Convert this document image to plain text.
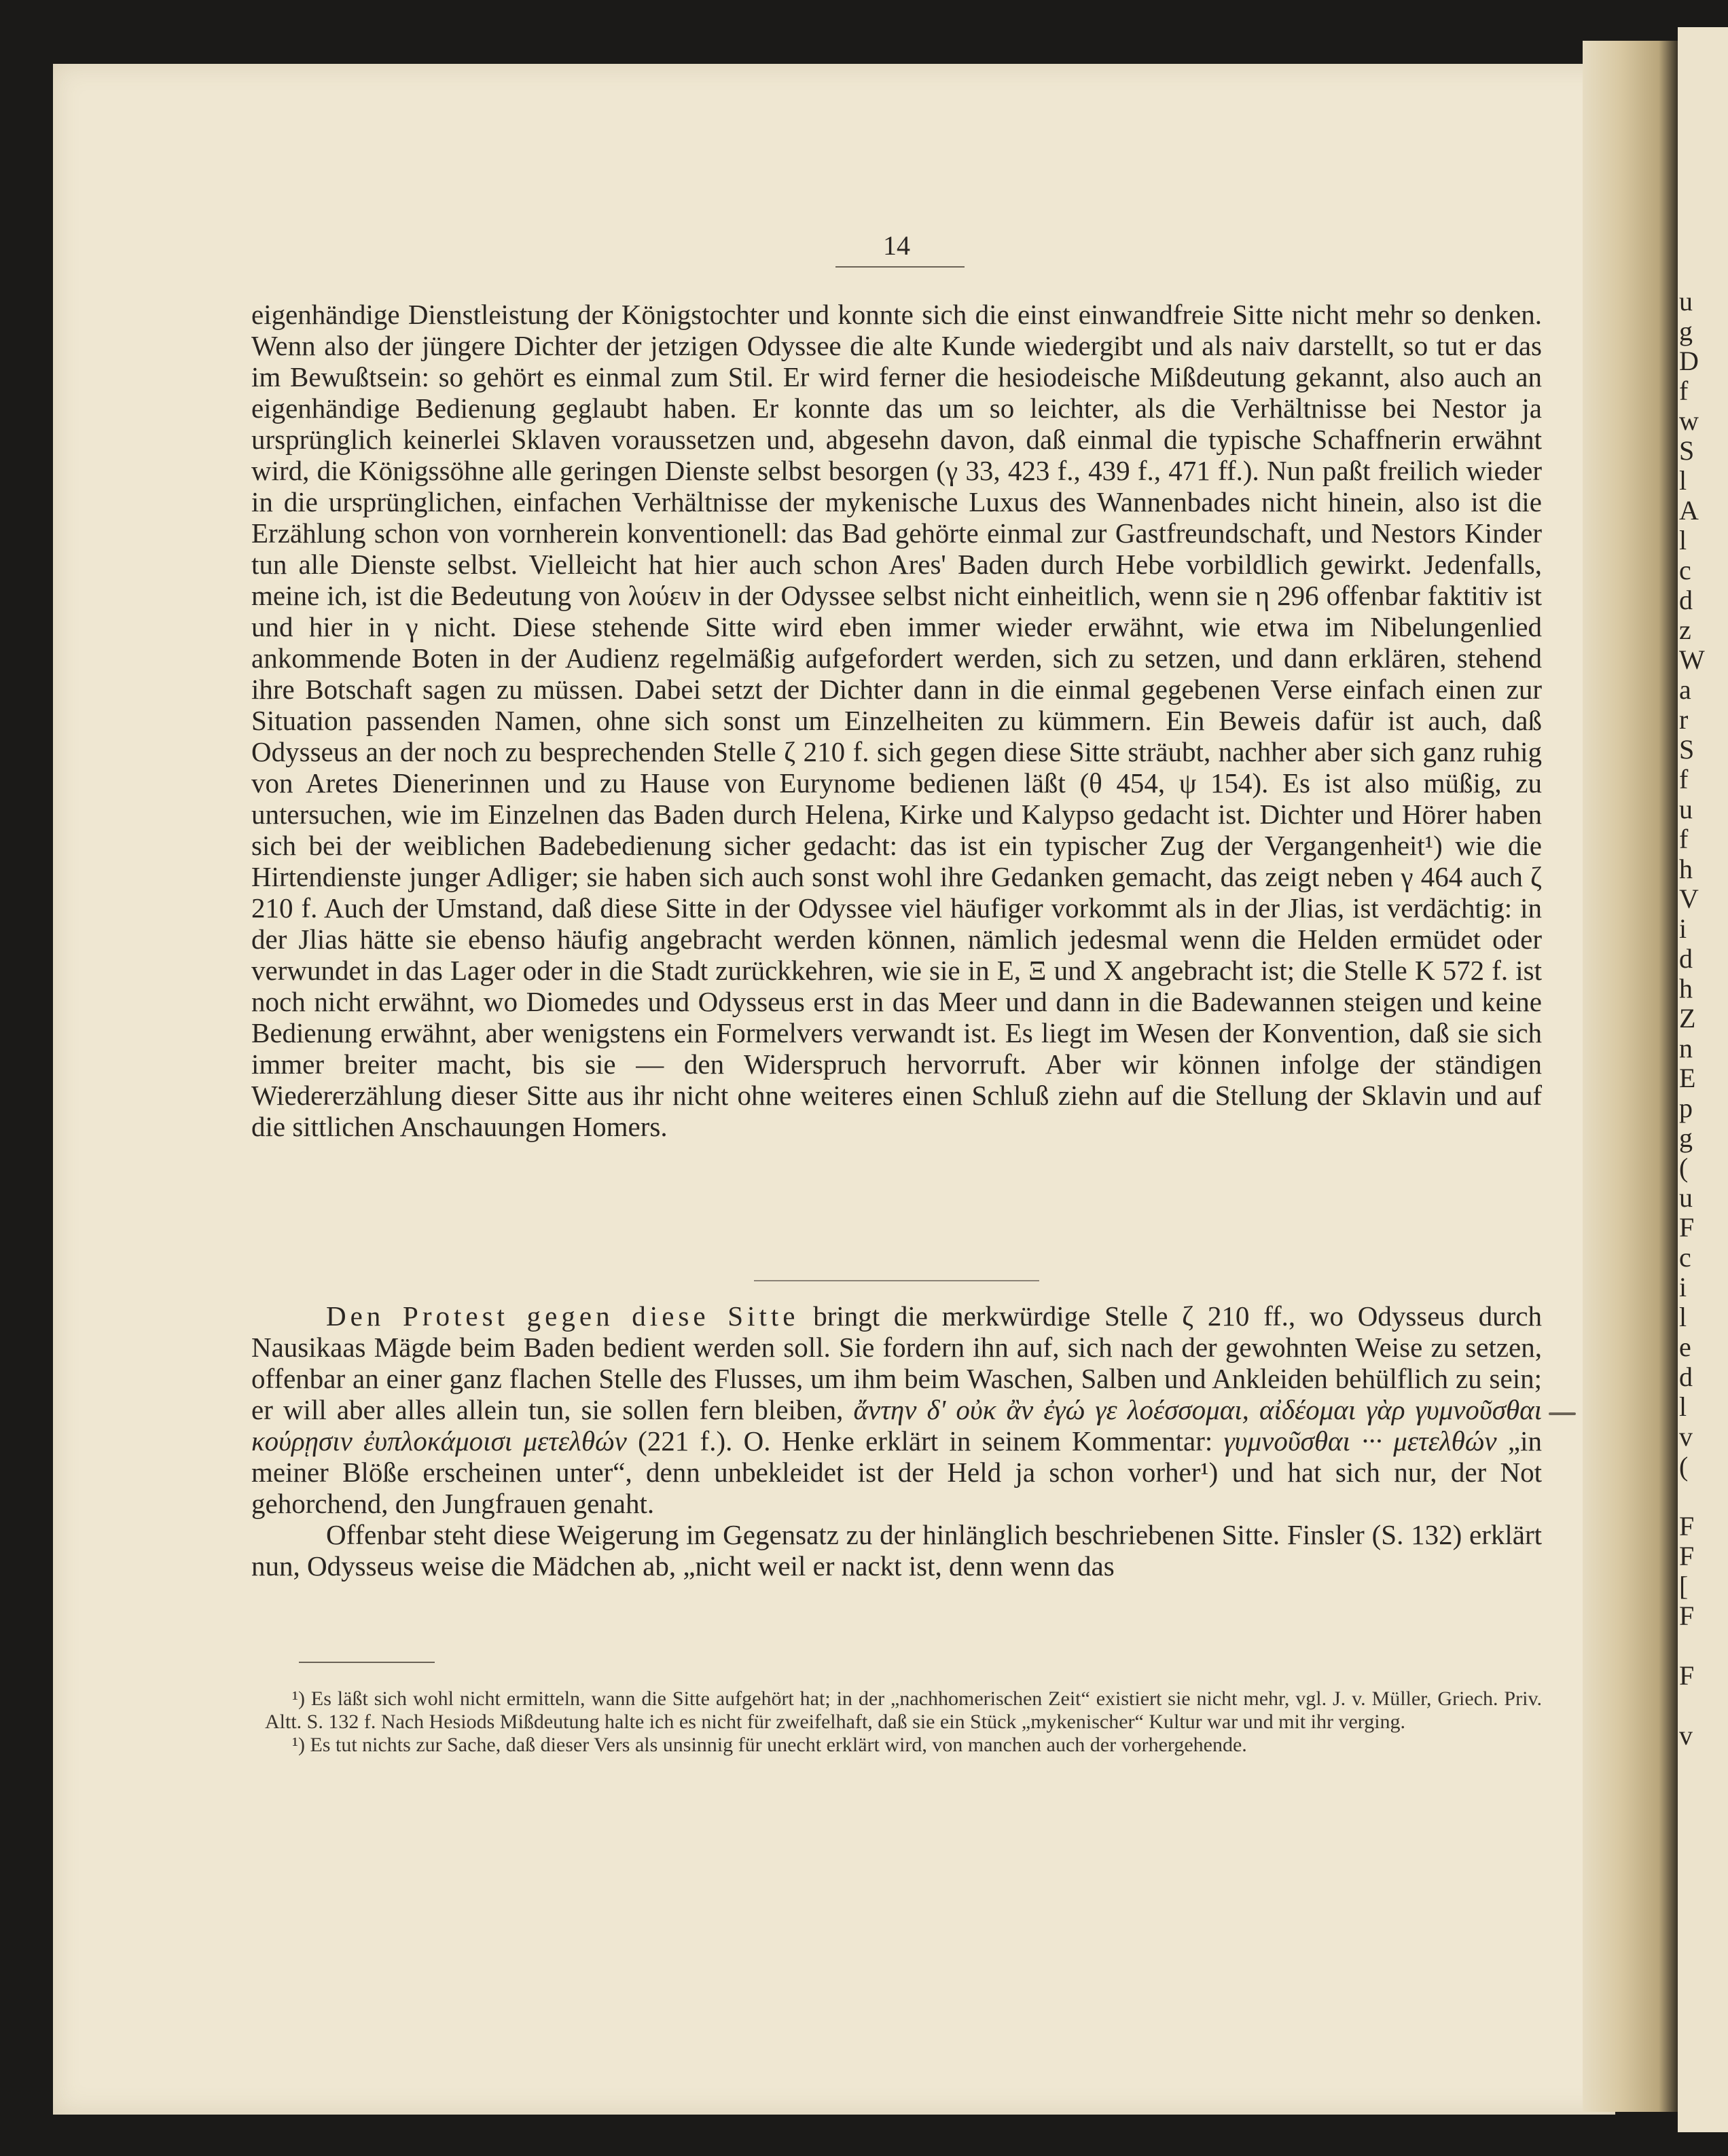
u
g
D
f
w
S
l
A
l
c
d
z
W
a
r
S
f
u
f
h
V
i
d
h
Z
n
E
p
g
(
u
F
c
i
l
e
d
l
v
(
F
F
[
F
F
v
14

eigenhändige Dienstleistung der Königstochter und konnte sich die einst einwandfreie Sitte nicht mehr so denken. Wenn also der jüngere Dichter der jetzigen Odyssee die alte Kunde wiedergibt und als naiv darstellt, so tut er das im Bewußtsein: so gehört es einmal zum Stil. Er wird ferner die hesiodeische Mißdeutung gekannt, also auch an eigenhändige Bedienung geglaubt haben. Er konnte das um so leichter, als die Verhältnisse bei Nestor ja ursprünglich keinerlei Sklaven voraussetzen und, abgesehn davon, daß einmal die typische Schaffnerin erwähnt wird, die Königssöhne alle geringen Dienste selbst besorgen (γ 33, 423 f., 439 f., 471 ff.). Nun paßt freilich wieder in die ursprünglichen, einfachen Verhältnisse der mykenische Luxus des Wannenbades nicht hinein, also ist die Erzählung schon von vornherein konventionell: das Bad gehörte einmal zur Gastfreundschaft, und Nestors Kinder tun alle Dienste selbst. Vielleicht hat hier auch schon Ares' Baden durch Hebe vorbildlich gewirkt. Jedenfalls, meine ich, ist die Bedeutung von λούειν in der Odyssee selbst nicht einheitlich, wenn sie η 296 offenbar faktitiv ist und hier in γ nicht. Diese stehende Sitte wird eben immer wieder erwähnt, wie etwa im Nibelungenlied ankommende Boten in der Audienz regelmäßig aufgefordert werden, sich zu setzen, und dann erklären, stehend ihre Botschaft sagen zu müssen. Dabei setzt der Dichter dann in die einmal gegebenen Verse einfach einen zur Situation passenden Namen, ohne sich sonst um Einzelheiten zu kümmern. Ein Beweis dafür ist auch, daß Odysseus an der noch zu besprechenden Stelle ζ 210 f. sich gegen diese Sitte sträubt, nachher aber sich ganz ruhig von Aretes Dienerinnen und zu Hause von Eurynome bedienen läßt (θ 454, ψ 154). Es ist also müßig, zu untersuchen, wie im Einzelnen das Baden durch Helena, Kirke und Kalypso gedacht ist. Dichter und Hörer haben sich bei der weiblichen Badebedienung sicher gedacht: das ist ein typischer Zug der Vergangenheit¹) wie die Hirtendienste junger Adliger; sie haben sich auch sonst wohl ihre Gedanken gemacht, das zeigt neben γ 464 auch ζ 210 f. Auch der Umstand, daß diese Sitte in der Odyssee viel häufiger vorkommt als in der Jlias, ist verdächtig: in der Jlias hätte sie ebenso häufig angebracht werden können, nämlich jedesmal wenn die Helden ermüdet oder verwundet in das Lager oder in die Stadt zurückkehren, wie sie in E, Ξ und X angebracht ist; die Stelle K 572 f. ist noch nicht erwähnt, wo Diomedes und Odysseus erst in das Meer und dann in die Badewannen steigen und keine Bedienung erwähnt, aber wenigstens ein Formelvers verwandt ist. Es liegt im Wesen der Konvention, daß sie sich immer breiter macht, bis sie — den Widerspruch hervorruft. Aber wir können infolge der ständigen Wiedererzählung dieser Sitte aus ihr nicht ohne weiteres einen Schluß ziehn auf die Stellung der Sklavin und auf die sittlichen Anschauungen Homers.

Den Protest gegen diese Sitte bringt die merkwürdige Stelle ζ 210 ff., wo Odysseus durch Nausikaas Mägde beim Baden bedient werden soll. Sie fordern ihn auf, sich nach der gewohnten Weise zu setzen, offenbar an einer ganz flachen Stelle des Flusses, um ihm beim Waschen, Salben und Ankleiden behülflich zu sein; er will aber alles allein tun, sie sollen fern bleiben, ἄντην δ' οὐκ ἂν ἐγώ γε λοέσσομαι, αἰδέομαι γὰρ γυμνοῦσθαι κούρῃσιν ἐυπλοκάμοισι μετελθών (221 f.). O. Henke erklärt in seinem Kommentar: γυμνοῦσθαι ··· μετελθών „in meiner Blöße erscheinen unter“, denn unbekleidet ist der Held ja schon vorher¹) und hat sich nur, der Not gehorchend, den Jungfrauen genaht.

Offenbar steht diese Weigerung im Gegensatz zu der hinlänglich beschriebenen Sitte. Finsler (S. 132) erklärt nun, Odysseus weise die Mädchen ab, „nicht weil er nackt ist, denn wenn das

¹) Es läßt sich wohl nicht ermitteln, wann die Sitte aufgehört hat; in der „nachhomerischen Zeit“ existiert sie nicht mehr, vgl. J. v. Müller, Griech. Priv. Altt. S. 132 f. Nach Hesiods Mißdeutung halte ich es nicht für zweifelhaft, daß sie ein Stück „mykenischer“ Kultur war und mit ihr verging.

¹) Es tut nichts zur Sache, daß dieser Vers als unsinnig für unecht erklärt wird, von manchen auch der vorhergehende.
